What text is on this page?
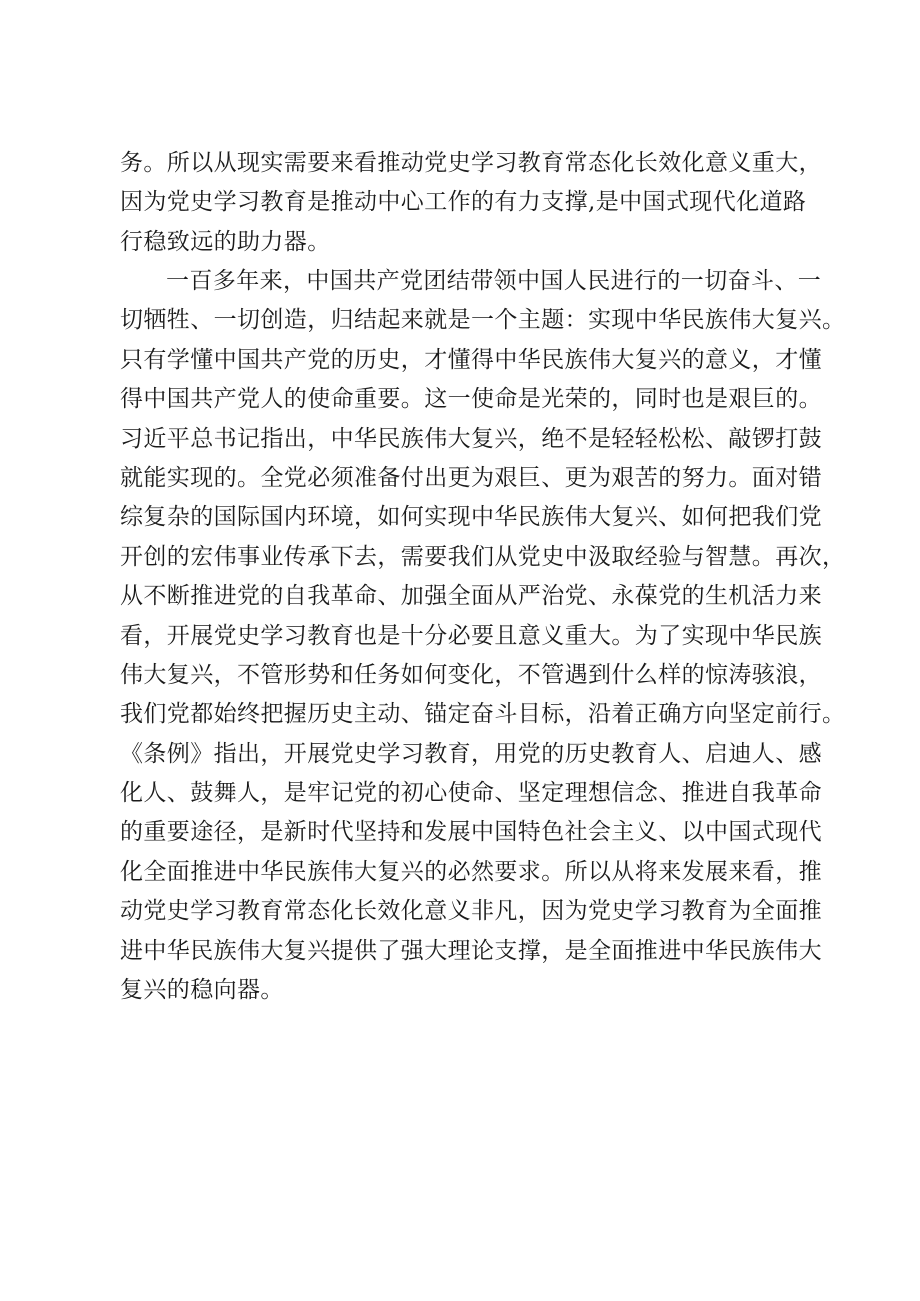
务。所以从现实需要来看推动党史学习教育常态化长效化意义重大，
因为党史学习教育是推动中心工作的有力支撑,是中国式现代化道路
行稳致远的助力器。
一百多年来，中国共产党团结带领中国人民进行的一切奋斗、一
切牺牲、一切创造，归结起来就是一个主题：实现中华民族伟大复兴。
只有学懂中国共产党的历史，才懂得中华民族伟大复兴的意义，才懂
得中国共产党人的使命重要。这一使命是光荣的，同时也是艰巨的。
习近平总书记指出，中华民族伟大复兴，绝不是轻轻松松、敲锣打鼓
就能实现的。全党必须准备付出更为艰巨、更为艰苦的努力。面对错
综复杂的国际国内环境，如何实现中华民族伟大复兴、如何把我们党
开创的宏伟事业传承下去，需要我们从党史中汲取经验与智慧。再次，
从不断推进党的自我革命、加强全面从严治党、永葆党的生机活力来
看，开展党史学习教育也是十分必要且意义重大。为了实现中华民族
伟大复兴，不管形势和任务如何变化，不管遇到什么样的惊涛骇浪，
我们党都始终把握历史主动、锚定奋斗目标，沿着正确方向坚定前行。
《条例》指出，开展党史学习教育，用党的历史教育人、启迪人、感
化人、鼓舞人，是牢记党的初心使命、坚定理想信念、推进自我革命
的重要途径，是新时代坚持和发展中国特色社会主义、以中国式现代
化全面推进中华民族伟大复兴的必然要求。所以从将来发展来看，推
动党史学习教育常态化长效化意义非凡，因为党史学习教育为全面推
进中华民族伟大复兴提供了强大理论支撑，是全面推进中华民族伟大
复兴的稳向器。
